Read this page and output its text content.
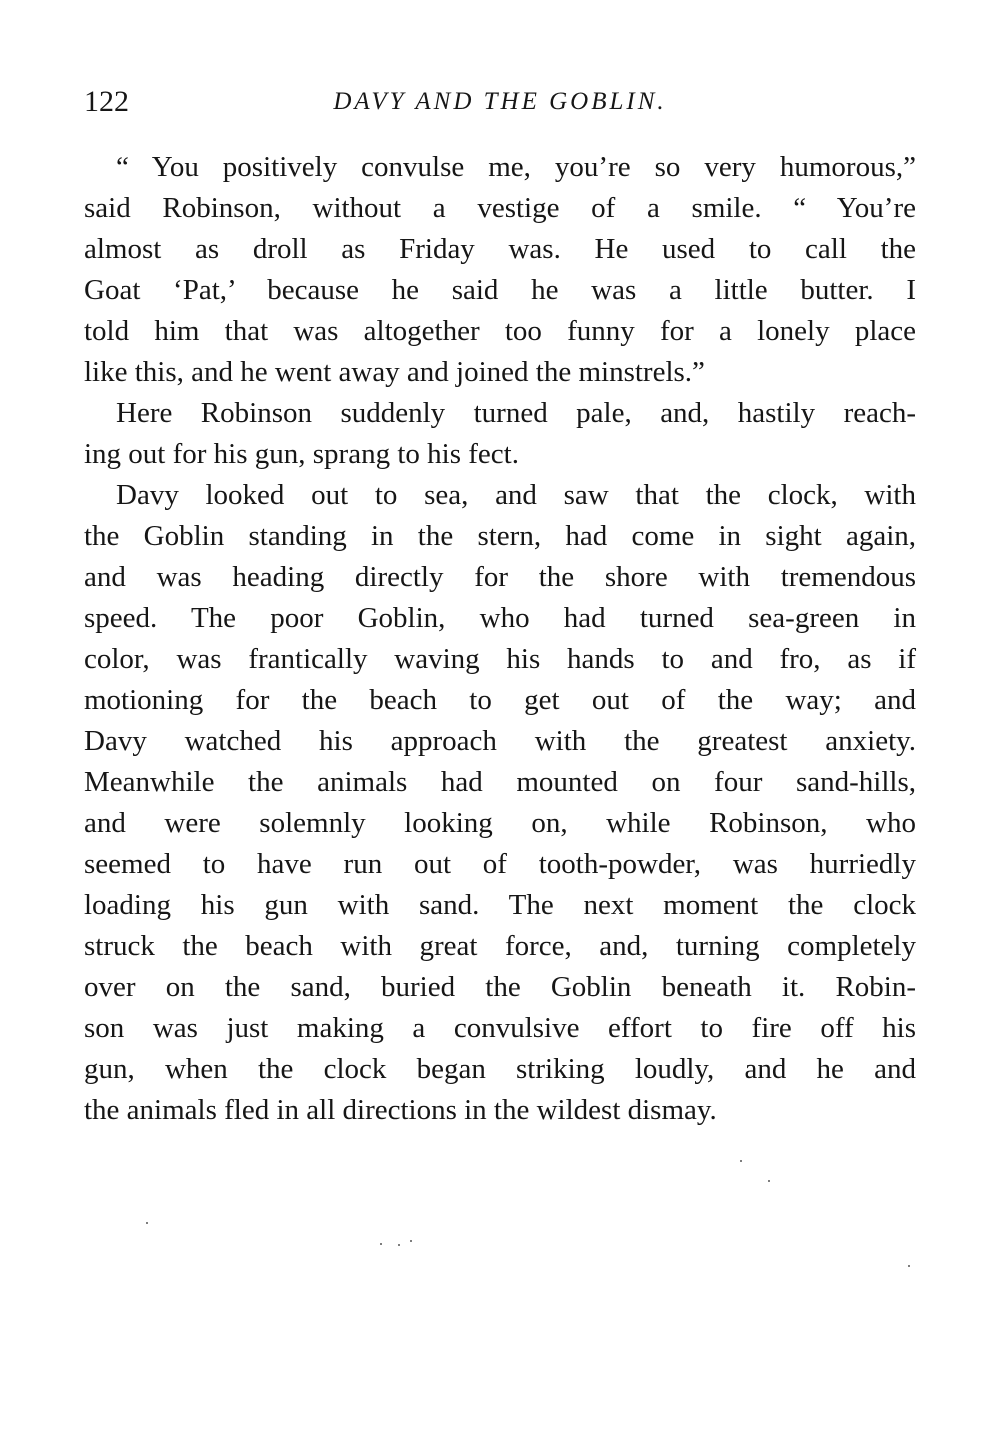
122	DAVY AND THE GOBLIN.
“ You positively convulse me, you’re so very humorous,”
said Robinson, without a vestige of a smile. “ You’re
almost as droll as Friday was. He used to call the
Goat ‘Pat,’ because he said he was a little butter. I
told him that was altogether too funny for a lonely place
like this, and he went away and joined the minstrels.”
Here Robinson suddenly turned pale, and, hastily reach-
ing out for his gun, sprang to his fect.
Davy looked out to sea, and saw that the clock, with
the Goblin standing in the stern, had come in sight again,
and was heading directly for the shore with tremendous
speed. The poor Goblin, who had turned sea-green in
color, was frantically waving his hands to and fro, as if
motioning for the beach to get out of the way; and
Davy watched his approach with the greatest anxiety.
Meanwhile the animals had mounted on four sand-hills,
and were solemnly looking on, while Robinson, who
seemed to have run out of tooth-powder, was hurriedly
loading his gun with sand. The next moment the clock
struck the beach with great force, and, turning completely
over on the sand, buried the Goblin beneath it. Robin-
son was just making a convulsive effort to fire off his
gun, when the clock began striking loudly, and he and
the animals fled in all directions in the wildest dismay.
